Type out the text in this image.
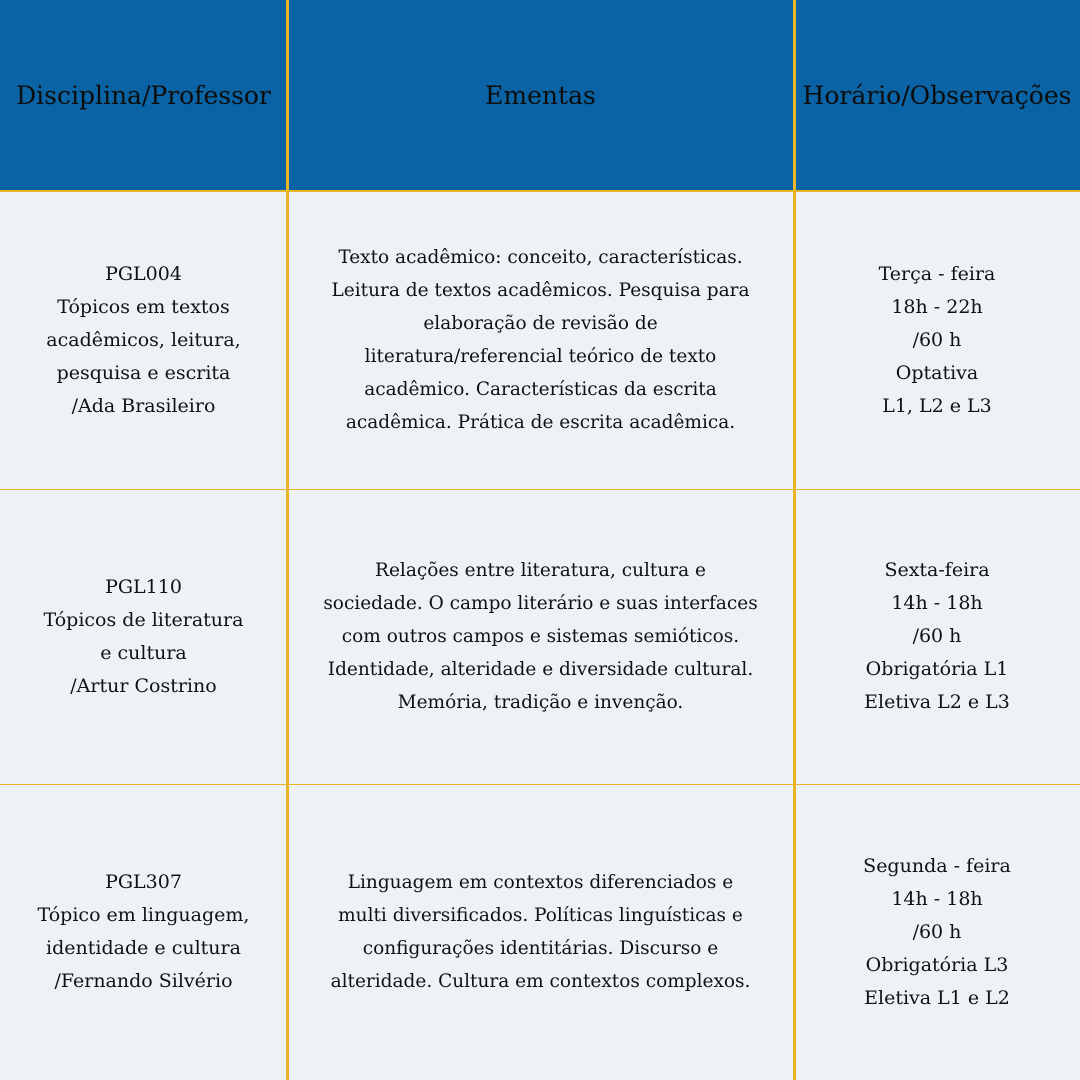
Disciplina/Professor	Ementas	Horário/Observações
PGL004
Tópicos em textos
acadêmicos, leitura,
pesquisa e escrita
/Ada Brasileiro
Texto acadêmico: conceito, características.
Leitura de textos acadêmicos. Pesquisa para
elaboração de revisão de
literatura/referencial teórico de texto
acadêmico. Características da escrita
acadêmica. Prática de escrita acadêmica.
Terça - feira
18h - 22h
/60 h
Optativa
L1, L2 e L3
PGL110
Tópicos de literatura
e cultura
/Artur Costrino
Relações entre literatura, cultura e
sociedade. O campo literário e suas interfaces
com outros campos e sistemas semióticos.
Identidade, alteridade e diversidade cultural.
Memória, tradição e invenção.
Sexta-feira
14h - 18h
/60 h
Obrigatória L1
Eletiva L2 e L3
PGL307
Tópico em linguagem,
identidade e cultura
/Fernando Silvério
Linguagem em contextos diferenciados e
multi diversificados. Políticas linguísticas e
configurações identitárias. Discurso e
alteridade. Cultura em contextos complexos.
Segunda - feira
14h - 18h
/60 h
Obrigatória L3
Eletiva L1 e L2
